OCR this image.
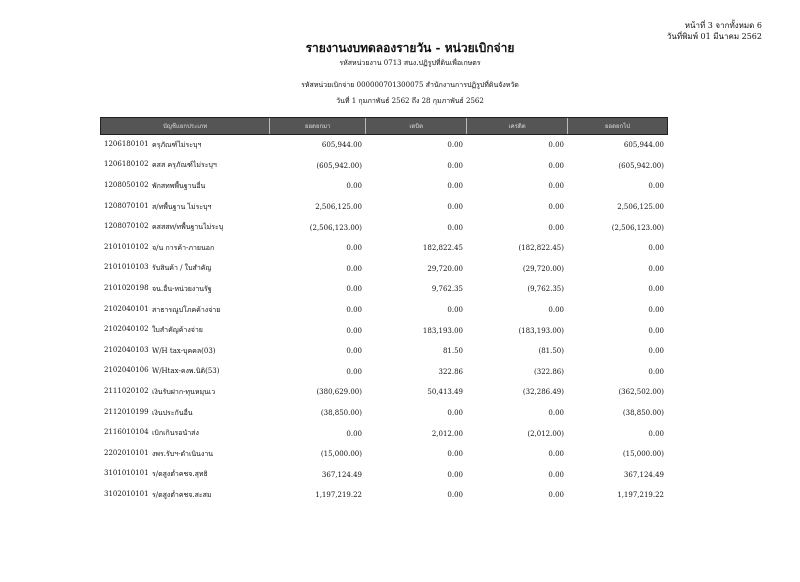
หน้าที่ 3 จากทั้งหมด 6
วันที่พิมพ์ 01 มีนาคม 2562
รายงานงบทดลองรายวัน - หน่วยเบิกจ่าย
รหัสหน่วยงาน 0713 สนง.ปฏิรูปที่ดินเพื่อเกษตร
รหัสหน่วยเบิกจ่าย 000000701300075 สำนักงานการปฏิรูปที่ดินจังหวัด
วันที่ 1 กุมภาพันธ์ 2562 ถึง 28 กุมภาพันธ์ 2562
บัญชีแยกประเภท	ยอดยกมา	เดบิต	เครดิต	ยอดยกไป
1206180101 ครุภัณฑ์ไม่ระบุฯ	605,944.00	0.00	0.00	605,944.00
1206180102 คสส ครุภัณฑ์ไม่ระบุฯ	(605,942.00)	0.00	0.00	(605,942.00)
1208050102 พักสทพพื้นฐานอื่น	0.00	0.00	0.00	0.00
1208070101 ส/ทพื้นฐาน ไม่ระบุฯ	2,506,125.00	0.00	0.00	2,506,125.00
1208070102 คสสสท/ทพื้นฐานไม่ระบุ	(2,506,123.00)	0.00	0.00	(2,506,123.00)
2101010102 จ/น การค้า-ภายนอก	0.00	182,822.45	(182,822.45)	0.00
2101010103 รับสินค้า / ใบสำคัญ	0.00	29,720.00	(29,720.00)	0.00
2101020198 จน.อื่น-หน่วยงานรัฐ	0.00	9,762.35	(9,762.35)	0.00
2102040101 สาธารณูปโภคค้างจ่าย	0.00	0.00	0.00	0.00
2102040102 ใบสำคัญค้างจ่าย	0.00	183,193.00	(183,193.00)	0.00
2102040103 W/H tax-บุคคล(03)	0.00	81.50	(81.50)	0.00
2102040106 W/Htax-คงพ.นิติ(53)	0.00	322.86	(322.86)	0.00
2111020102 เงินรับฝาก-ทุนหมุนเว	(380,629.00)	50,413.49	(32,286.49)	(362,502.00)
2112010199 เงินประกันอื่น	(38,850.00)	0.00	0.00	(38,850.00)
2116010104 เบิกเกินรอนำส่ง	0.00	2,012.00	(2,012.00)	0.00
2202010101 งพร.รับฯ-ดำเนินงาน	(15,000.00)	0.00	0.00	(15,000.00)
3101010101 ร/ดสูงต่ำคชจ.สุทธิ	367,124.49	0.00	0.00	367,124.49
3102010101 ร/ดสูงต่ำคชจ.สะสม	1,197,219.22	0.00	0.00	1,197,219.22
